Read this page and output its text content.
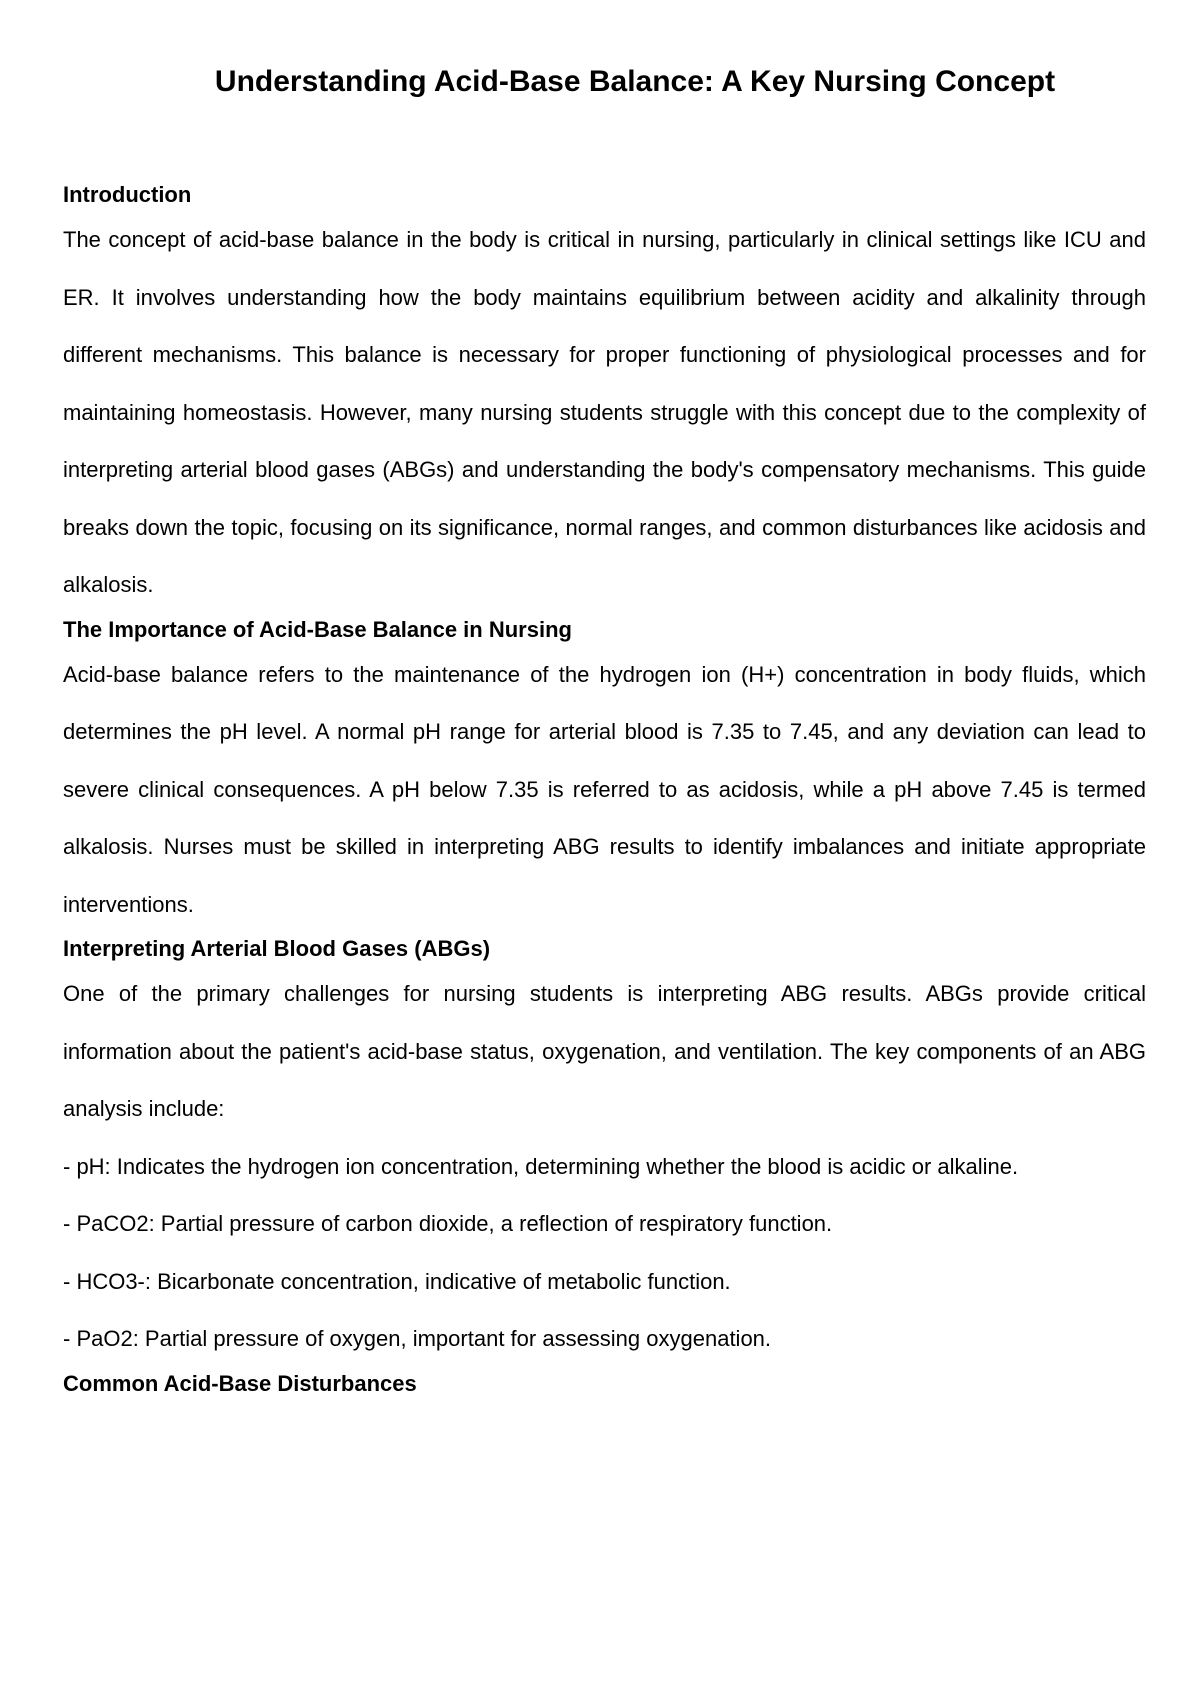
Understanding Acid-Base Balance: A Key Nursing Concept
Introduction

The concept of acid-base balance in the body is critical in nursing, particularly in clinical settings like ICU and ER. It involves understanding how the body maintains equilibrium between acidity and alkalinity through different mechanisms. This balance is necessary for proper functioning of physiological processes and for maintaining homeostasis. However, many nursing students struggle with this concept due to the complexity of interpreting arterial blood gases (ABGs) and understanding the body's compensatory mechanisms. This guide breaks down the topic, focusing on its significance, normal ranges, and common disturbances like acidosis and alkalosis.

The Importance of Acid-Base Balance in Nursing

Acid-base balance refers to the maintenance of the hydrogen ion (H+) concentration in body fluids, which determines the pH level. A normal pH range for arterial blood is 7.35 to 7.45, and any deviation can lead to severe clinical consequences. A pH below 7.35 is referred to as acidosis, while a pH above 7.45 is termed alkalosis. Nurses must be skilled in interpreting ABG results to identify imbalances and initiate appropriate interventions.

Interpreting Arterial Blood Gases (ABGs)

One of the primary challenges for nursing students is interpreting ABG results. ABGs provide critical information about the patient's acid-base status, oxygenation, and ventilation. The key components of an ABG analysis include:

- pH: Indicates the hydrogen ion concentration, determining whether the blood is acidic or alkaline.
- PaCO2: Partial pressure of carbon dioxide, a reflection of respiratory function.
- HCO3-: Bicarbonate concentration, indicative of metabolic function.
- PaO2: Partial pressure of oxygen, important for assessing oxygenation.
Common Acid-Base Disturbances
